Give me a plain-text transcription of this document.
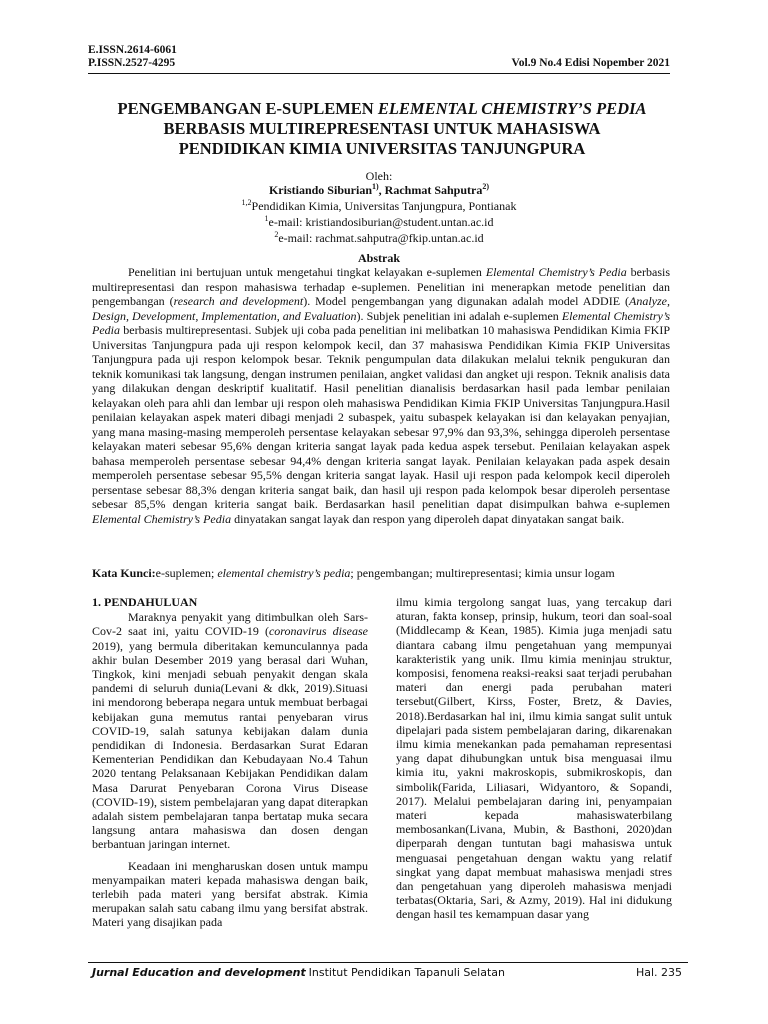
E.ISSN.2614-6061
P.ISSN.2527-4295	Vol.9 No.4 Edisi Nopember 2021
PENGEMBANGAN E-SUPLEMEN ELEMENTAL CHEMISTRY’S PEDIA
BERBASIS MULTIREPRESENTASI UNTUK MAHASISWA
PENDIDIKAN KIMIA UNIVERSITAS TANJUNGPURA
Oleh:
Kristiando Siburian$^{1)}$, Rachmat Sahputra$^{2)}$
$^{1,2}$Pendidikan Kimia, Universitas Tanjungpura, Pontianak
$^1$e-mail: kristiandosiburian@student.untan.ac.id
$^2$e-mail: rachmat.sahputra@fkip.untan.ac.id
Abstrak

Penelitian ini bertujuan untuk mengetahui tingkat kelayakan e-suplemen Elemental Chemistry’s Pedia berbasis multirepresentasi dan respon mahasiswa terhadap e-suplemen. Penelitian ini menerapkan metode penelitian dan pengembangan (research and development). Model pengembangan yang digunakan adalah model ADDIE (Analyze, Design, Development, Implementation, and Evaluation). Subjek penelitian ini adalah e-suplemen Elemental Chemistry’s Pedia berbasis multirepresentasi. Subjek uji coba pada penelitian ini melibatkan 10 mahasiswa Pendidikan Kimia FKIP Universitas Tanjungpura pada uji respon kelompok kecil, dan 37 mahasiswa Pendidikan Kimia FKIP Universitas Tanjungpura pada uji respon kelompok besar. Teknik pengumpulan data dilakukan melalui teknik pengukuran dan teknik komunikasi tak langsung, dengan instrumen penilaian, angket validasi dan angket uji respon. Teknik analisis data yang dilakukan dengan deskriptif kualitatif. Hasil penelitian dianalisis berdasarkan hasil pada lembar penilaian kelayakan oleh para ahli dan lembar uji respon oleh mahasiswa Pendidikan Kimia FKIP Universitas Tanjungpura.Hasil penilaian kelayakan aspek materi dibagi menjadi 2 subaspek, yaitu subaspek kelayakan isi dan kelayakan penyajian, yang mana masing-masing memperoleh persentase kelayakan sebesar 97,9% dan 93,3%, sehingga diperoleh persentase kelayakan materi sebesar 95,6% dengan kriteria sangat layak pada kedua aspek tersebut. Penilaian kelayakan aspek bahasa memperoleh persentase sebesar 94,4% dengan kriteria sangat layak. Penilaian kelayakan pada aspek desain memperoleh persentase sebesar 95,5% dengan kriteria sangat layak. Hasil uji respon pada kelompok kecil diperoleh persentase sebesar 88,3% dengan kriteria sangat baik, dan hasil uji respon pada kelompok besar diperoleh persentase sebesar 85,5% dengan kriteria sangat baik. Berdasarkan hasil penelitian dapat disimpulkan bahwa e-suplemen Elemental Chemistry’s Pedia dinyatakan sangat layak dan respon yang diperoleh dapat dinyatakan sangat baik.

Kata Kunci:e-suplemen; elemental chemistry’s pedia; pengembangan; multirepresentasi; kimia unsur logam
1. PENDAHULUAN

Maraknya penyakit yang ditimbulkan oleh Sars-Cov-2 saat ini, yaitu COVID-19 (coronavirus disease 2019), yang bermula diberitakan kemunculannya pada akhir bulan Desember 2019 yang berasal dari Wuhan, Tingkok, kini menjadi sebuah penyakit dengan skala pandemi di seluruh dunia(Levani & dkk, 2019).Situasi ini mendorong beberapa negara untuk membuat berbagai kebijakan guna memutus rantai penyebaran virus COVID-19, salah satunya kebijakan dalam dunia pendidikan di Indonesia. Berdasarkan Surat Edaran Kementerian Pendidikan dan Kebudayaan No.4 Tahun 2020 tentang Pelaksanaan Kebijakan Pendidikan dalam Masa Darurat Penyebaran Corona Virus Disease (COVID-19), sistem pembelajaran yang dapat diterapkan adalah sistem pembelajaran tanpa bertatap muka secara langsung antara mahasiswa dan dosen dengan berbantuan jaringan internet.

Keadaan ini mengharuskan dosen untuk mampu menyampaikan materi kepada mahasiswa dengan baik, terlebih pada materi yang bersifat abstrak. Kimia merupakan salah satu cabang ilmu yang bersifat abstrak. Materi yang disajikan pada

ilmu kimia tergolong sangat luas, yang tercakup dari aturan, fakta konsep, prinsip, hukum, teori dan soal-soal (Middlecamp & Kean, 1985). Kimia juga menjadi satu diantara cabang ilmu pengetahuan yang mempunyai karakteristik yang unik. Ilmu kimia meninjau struktur, komposisi, fenomena reaksi-reaksi saat terjadi perubahan materi dan energi pada perubahan materi tersebut(Gilbert, Kirss, Foster, Bretz, & Davies, 2018).Berdasarkan hal ini, ilmu kimia sangat sulit untuk dipelajari pada sistem pembelajaran daring, dikarenakan ilmu kimia menekankan pada pemahaman representasi yang dapat dihubungkan untuk bisa menguasai ilmu kimia itu, yakni makroskopis, submikroskopis, dan simbolik(Farida, Liliasari, Widyantoro, & Sopandi, 2017). Melalui pembelajaran daring ini, penyampaian materi kepada mahasiswaterbilang membosankan(Livana, Mubin, & Basthoni, 2020)dan diperparah dengan tuntutan bagi mahasiswa untuk menguasai pengetahuan dengan waktu yang relatif singkat yang dapat membuat mahasiswa menjadi stres dan pengetahuan yang diperoleh mahasiswa menjadi terbatas(Oktaria, Sari, & Azmy, 2019). Hal ini didukung dengan hasil tes kemampuan dasar yang

Jurnal Education and development Institut Pendidikan Tapanuli Selatan	Hal. 235
